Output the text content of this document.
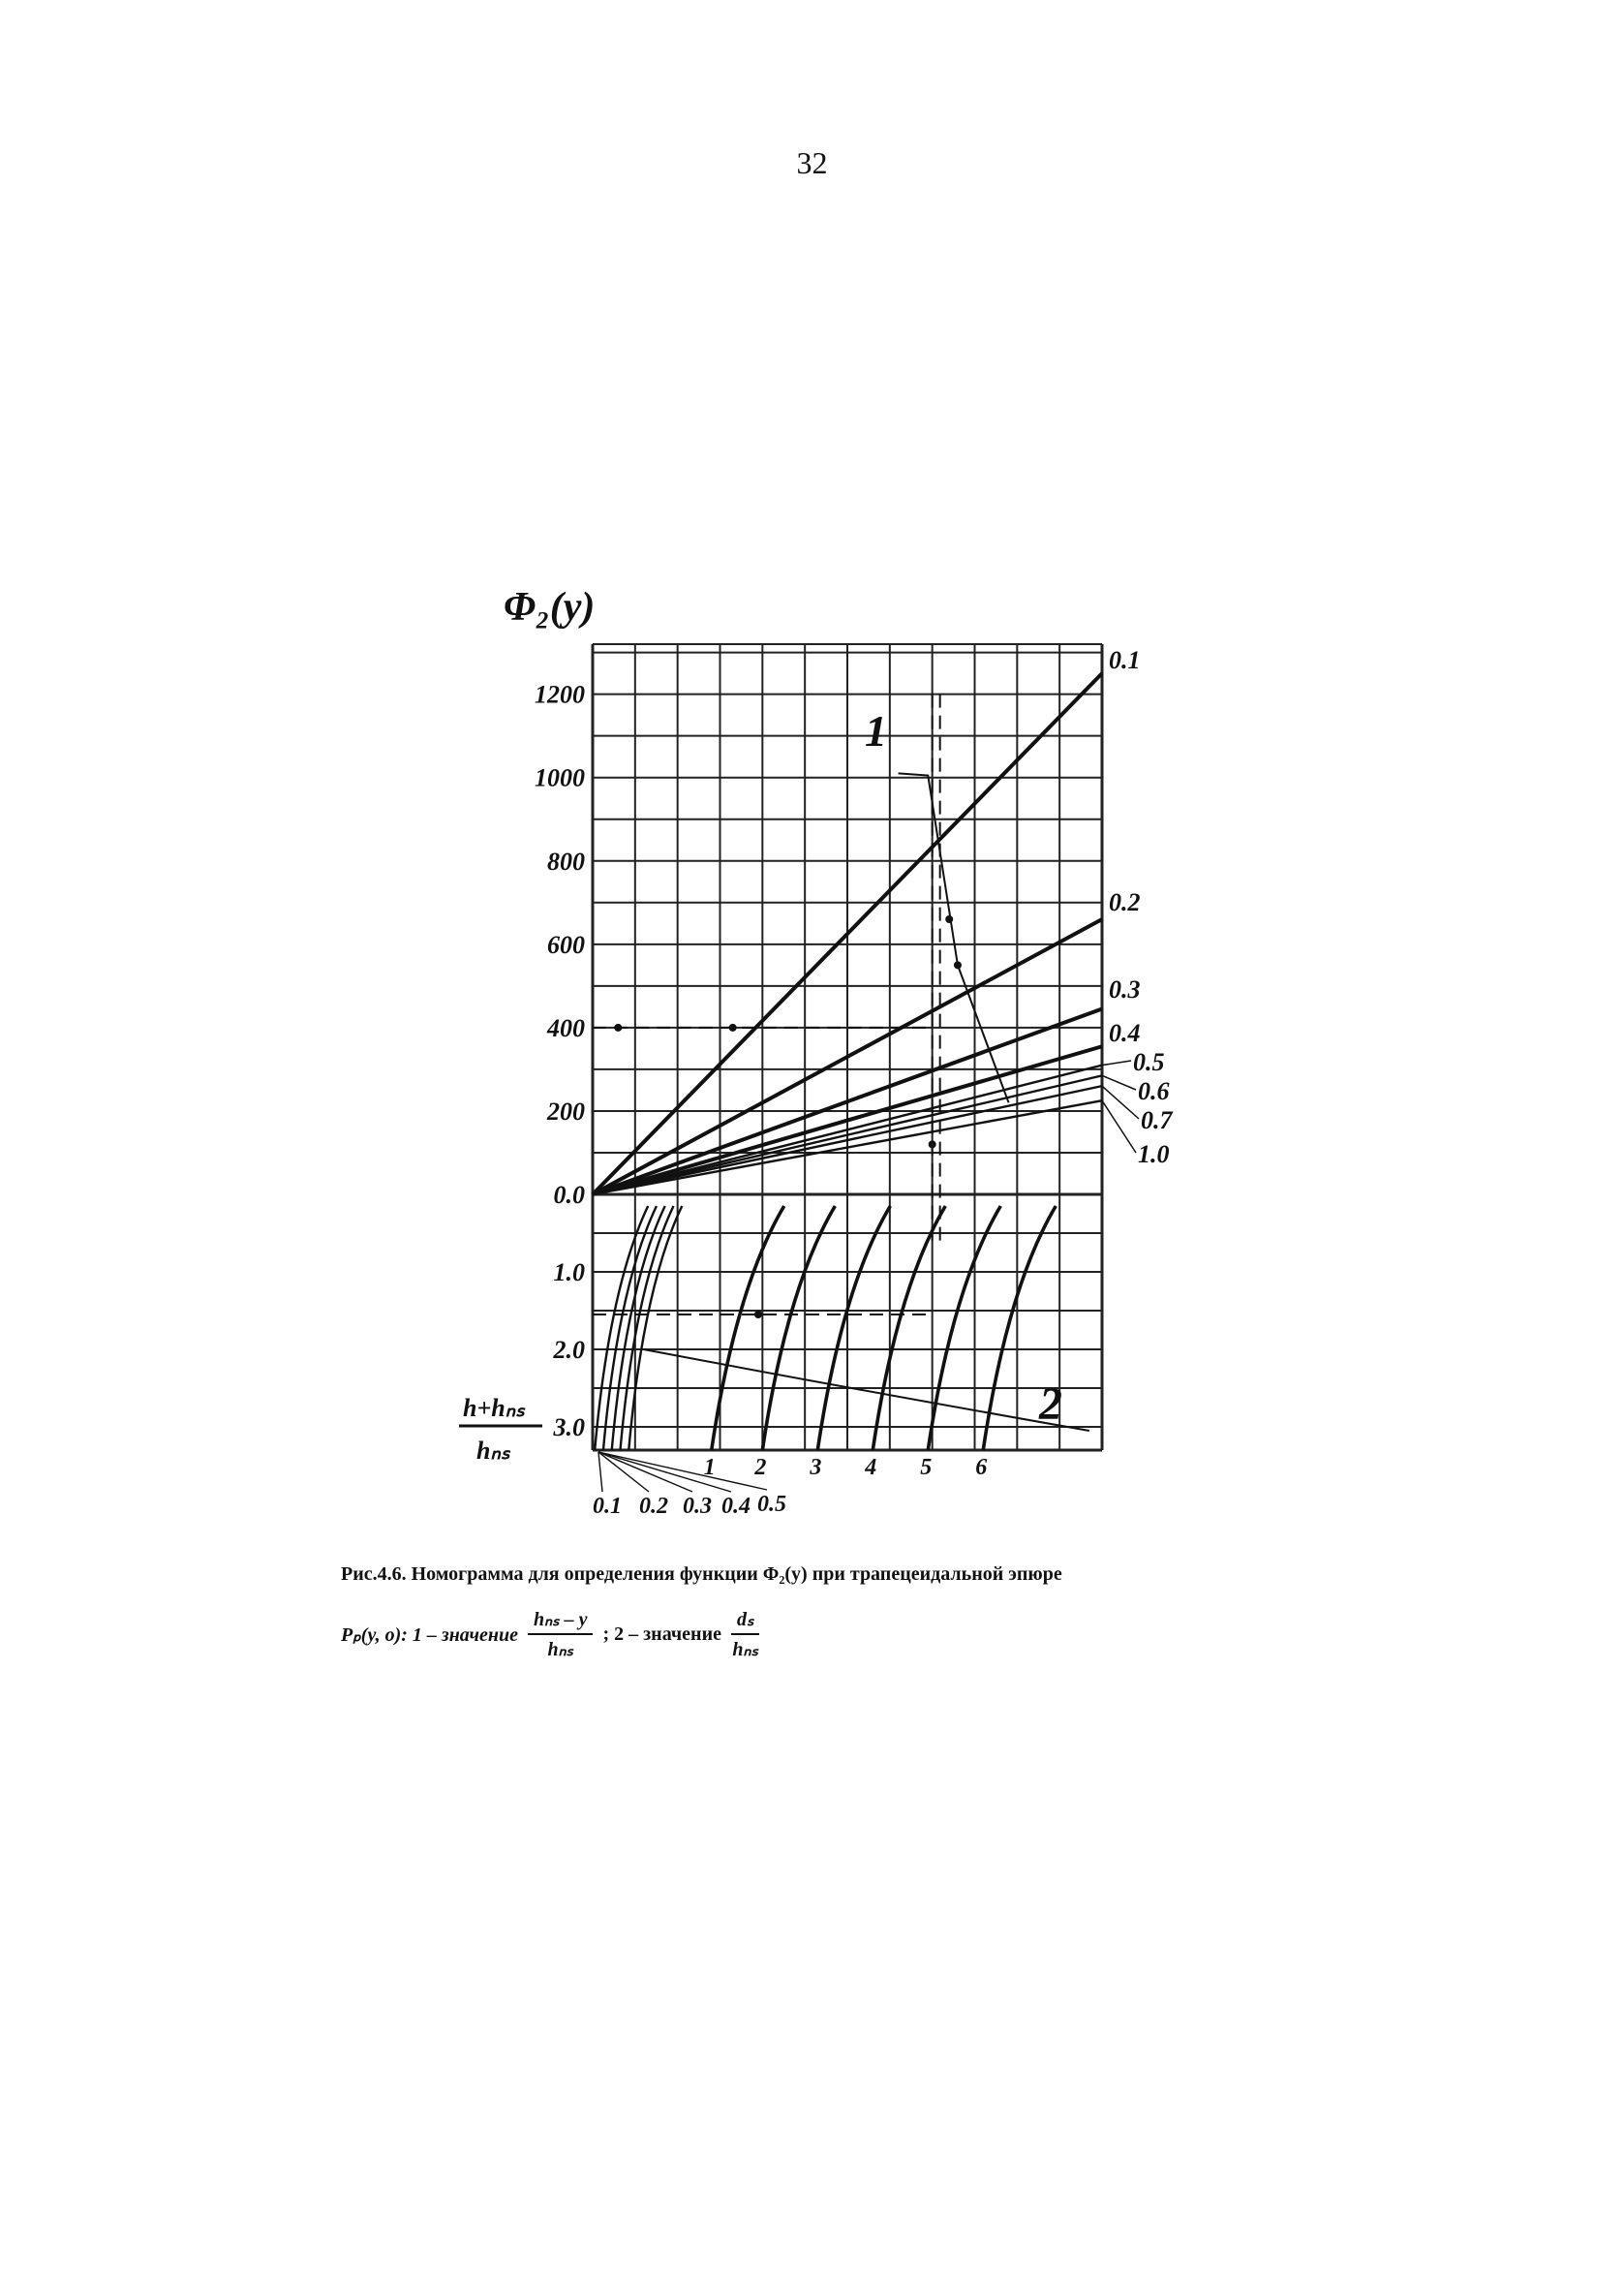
32
0.0
200
400
600
800
1000
1200
1.0
2.0
3.0
0.1
0.2
0.3
0.4
0.5
0.6
0.7
1.0
0.1 0.2 0.3 0.4 0.5
1 2 3 4 5 6
Φ₂(y)
h+hₙₛ
hₙₛ
1
2
Рис.4.6. Номограмма для определения функции Φ₂(y) при трапецеидальной эпюре
Pₚ(y, o): 1 – значение $\frac{\text{hₙₛ – y}}{\text{hₙₛ}}$ ; 2 – значение $\frac{\text{dₛ}}{\text{hₙₛ}}$
